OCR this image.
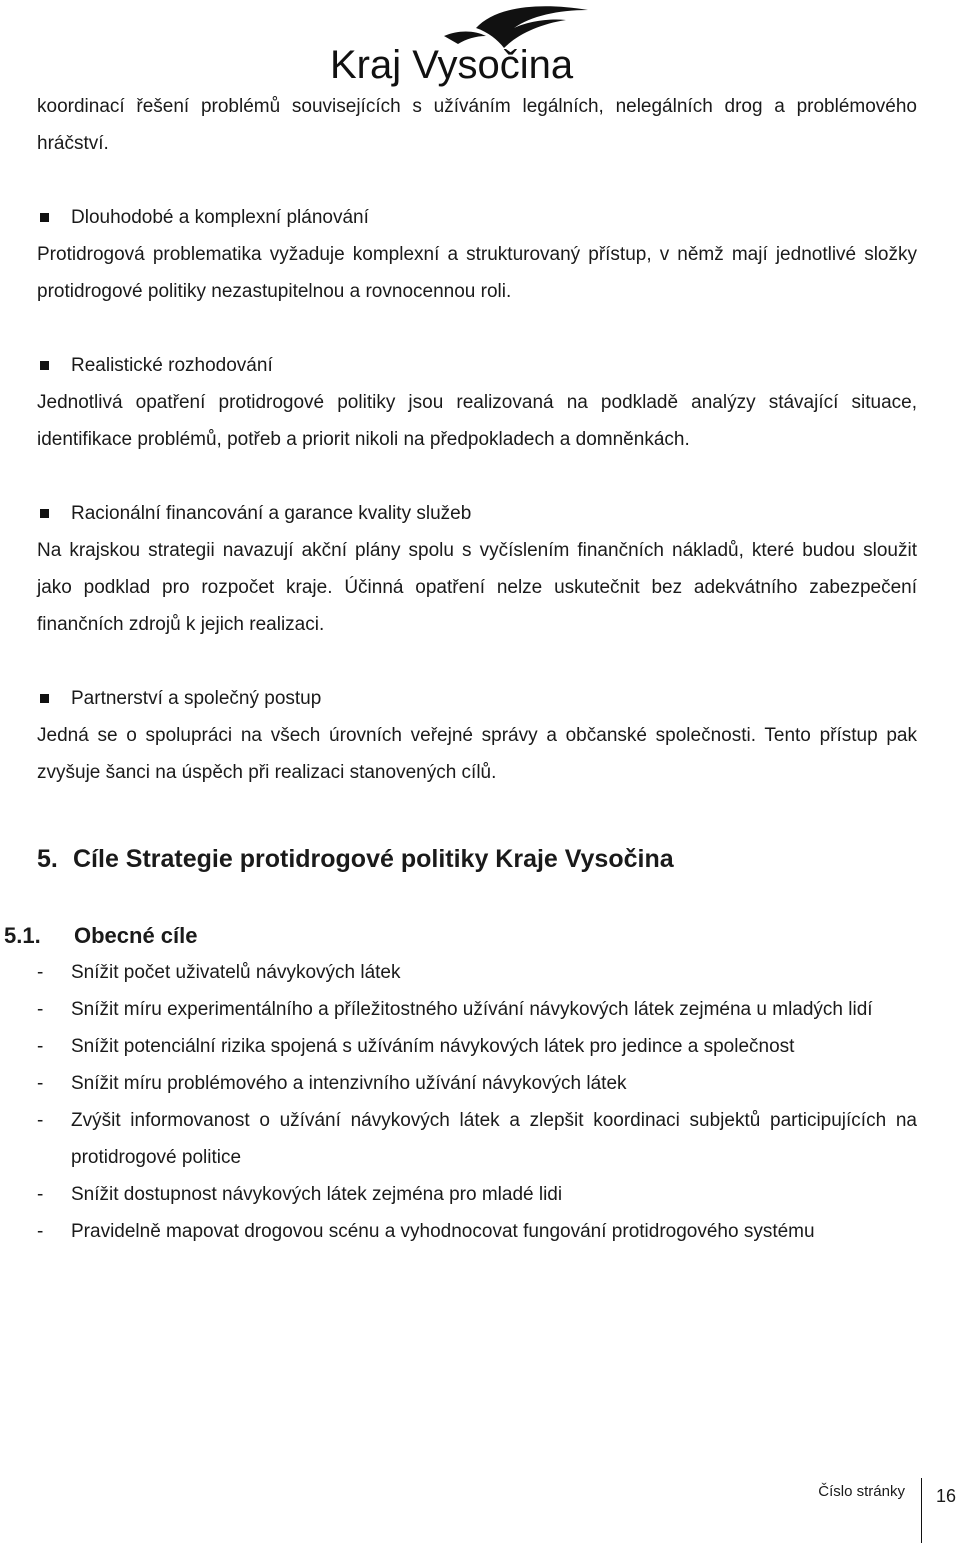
Kraj Vysočina

koordinací řešení problémů souvisejících s užíváním legálních, nelegálních drog a problémového hráčství.

Dlouhodobé a komplexní plánování

Protidrogová problematika vyžaduje komplexní a strukturovaný přístup, v němž mají jednotlivé složky protidrogové politiky nezastupitelnou a rovnocennou roli.

Realistické rozhodování

Jednotlivá opatření protidrogové politiky jsou realizovaná na podkladě analýzy stávající situace, identifikace problémů, potřeb a priorit nikoli na předpokladech a domněnkách.

Racionální financování a garance kvality služeb

Na krajskou strategii navazují akční plány spolu s vyčíslením finančních nákladů, které budou sloužit jako podklad pro rozpočet kraje. Účinná opatření nelze uskutečnit bez adekvátního zabezpečení finančních zdrojů k jejich realizaci.

Partnerství a společný postup

Jedná se o spolupráci na všech úrovních veřejné správy a občanské společnosti. Tento přístup pak zvyšuje šanci na úspěch při realizaci stanovených cílů.

5. Cíle Strategie protidrogové politiky Kraje Vysočina

5.1. Obecné cíle

- Snížit počet uživatelů návykových látek
- Snížit míru experimentálního a příležitostného užívání návykových látek zejména u mladých lidí
- Snížit potenciální rizika spojená s užíváním návykových látek pro jedince a společnost
- Snížit míru problémového a intenzivního užívání návykových látek
- Zvýšit informovanost o užívání návykových látek a zlepšit koordinaci subjektů participujících na protidrogové politice
- Snížit dostupnost návykových látek zejména pro mladé lidi
- Pravidelně mapovat drogovou scénu a vyhodnocovat fungování protidrogového systému
Číslo stránky 16
